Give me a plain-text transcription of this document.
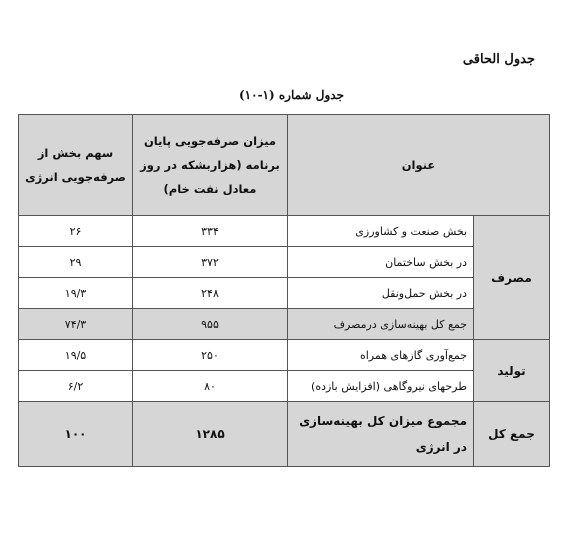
جدول الحاقی
جدول شماره (۱-۱۰)
عنوان		میزان صرفه‌جویی پایان برنامه (هزاربشکه در روز معادل نفت خام)	سهم بخش از صرفه‌جویی انرژی
مصرف	بخش صنعت و کشاورزی	۳۳۴	۲۶
	در بخش ساختمان	۳۷۲	۲۹
	در بخش حمل‌ونقل	۲۴۸	۱۹/۳
	جمع کل بهینه‌سازی درمصرف	۹۵۵	۷۴/۳
تولید	جمع‌آوری گازهای همراه	۲۵۰	۱۹/۵
	طرحهای نیروگاهی (افزایش بازده)	۸۰	۶/۲
جمع کل	مجموع میزان کل بهینه‌سازی در انرژی	۱۲۸۵	۱۰۰
